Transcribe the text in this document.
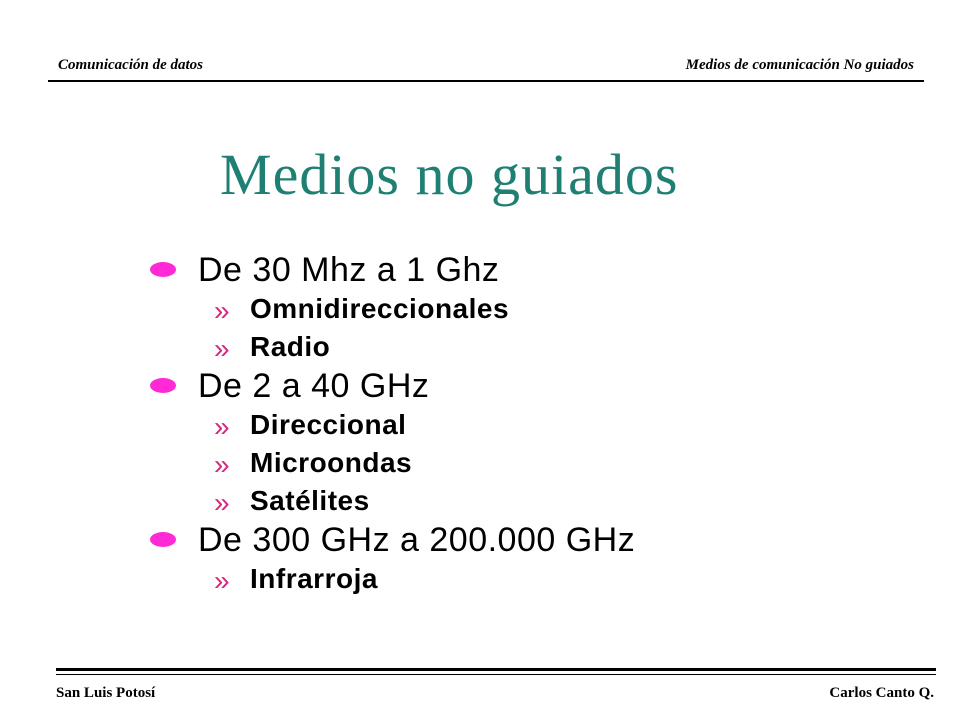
Comunicación de datos	Medios de comunicación No guiados
Medios no guiados
De 30 Mhz a 1 Ghz
» Omnidireccionales
» Radio
De 2 a 40 GHz
» Direccional
» Microondas
» Satélites
De 300 GHz a 200.000 GHz
» Infrarroja
San Luis Potosí	Carlos Canto Q.
